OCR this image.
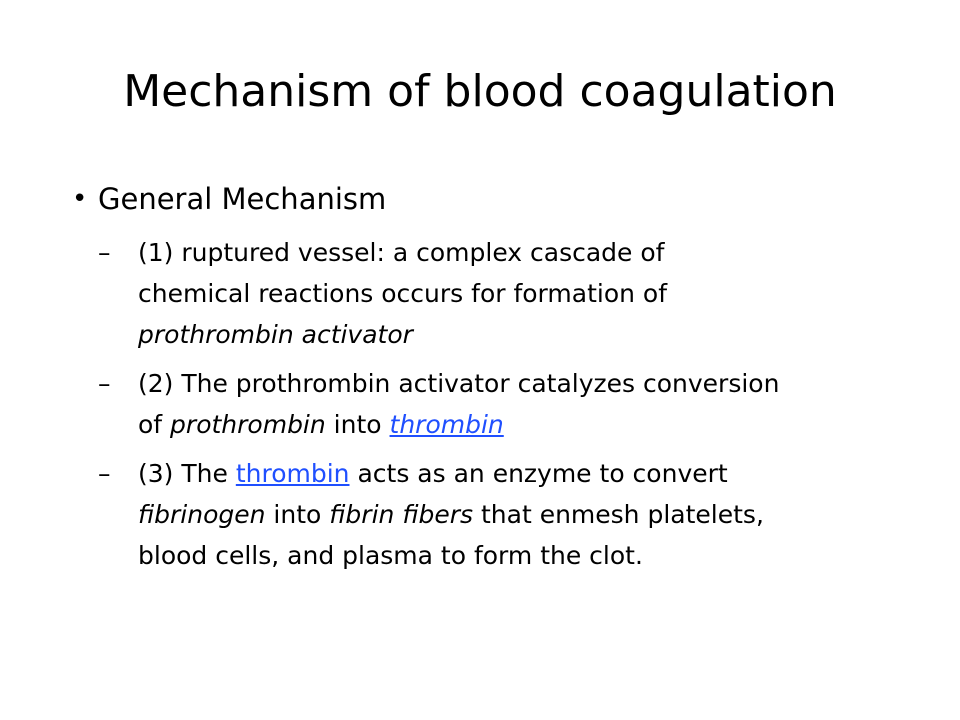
Mechanism of blood coagulation
• General Mechanism
–	(1) ruptured vessel: a complex cascade of
chemical reactions occurs for formation of
prothrombin activator
–	(2) The prothrombin activator catalyzes conversion
of prothrombin into thrombin
–	(3) The thrombin acts as an enzyme to convert
fibrinogen into fibrin fibers that enmesh platelets,
blood cells, and plasma to form the clot.
